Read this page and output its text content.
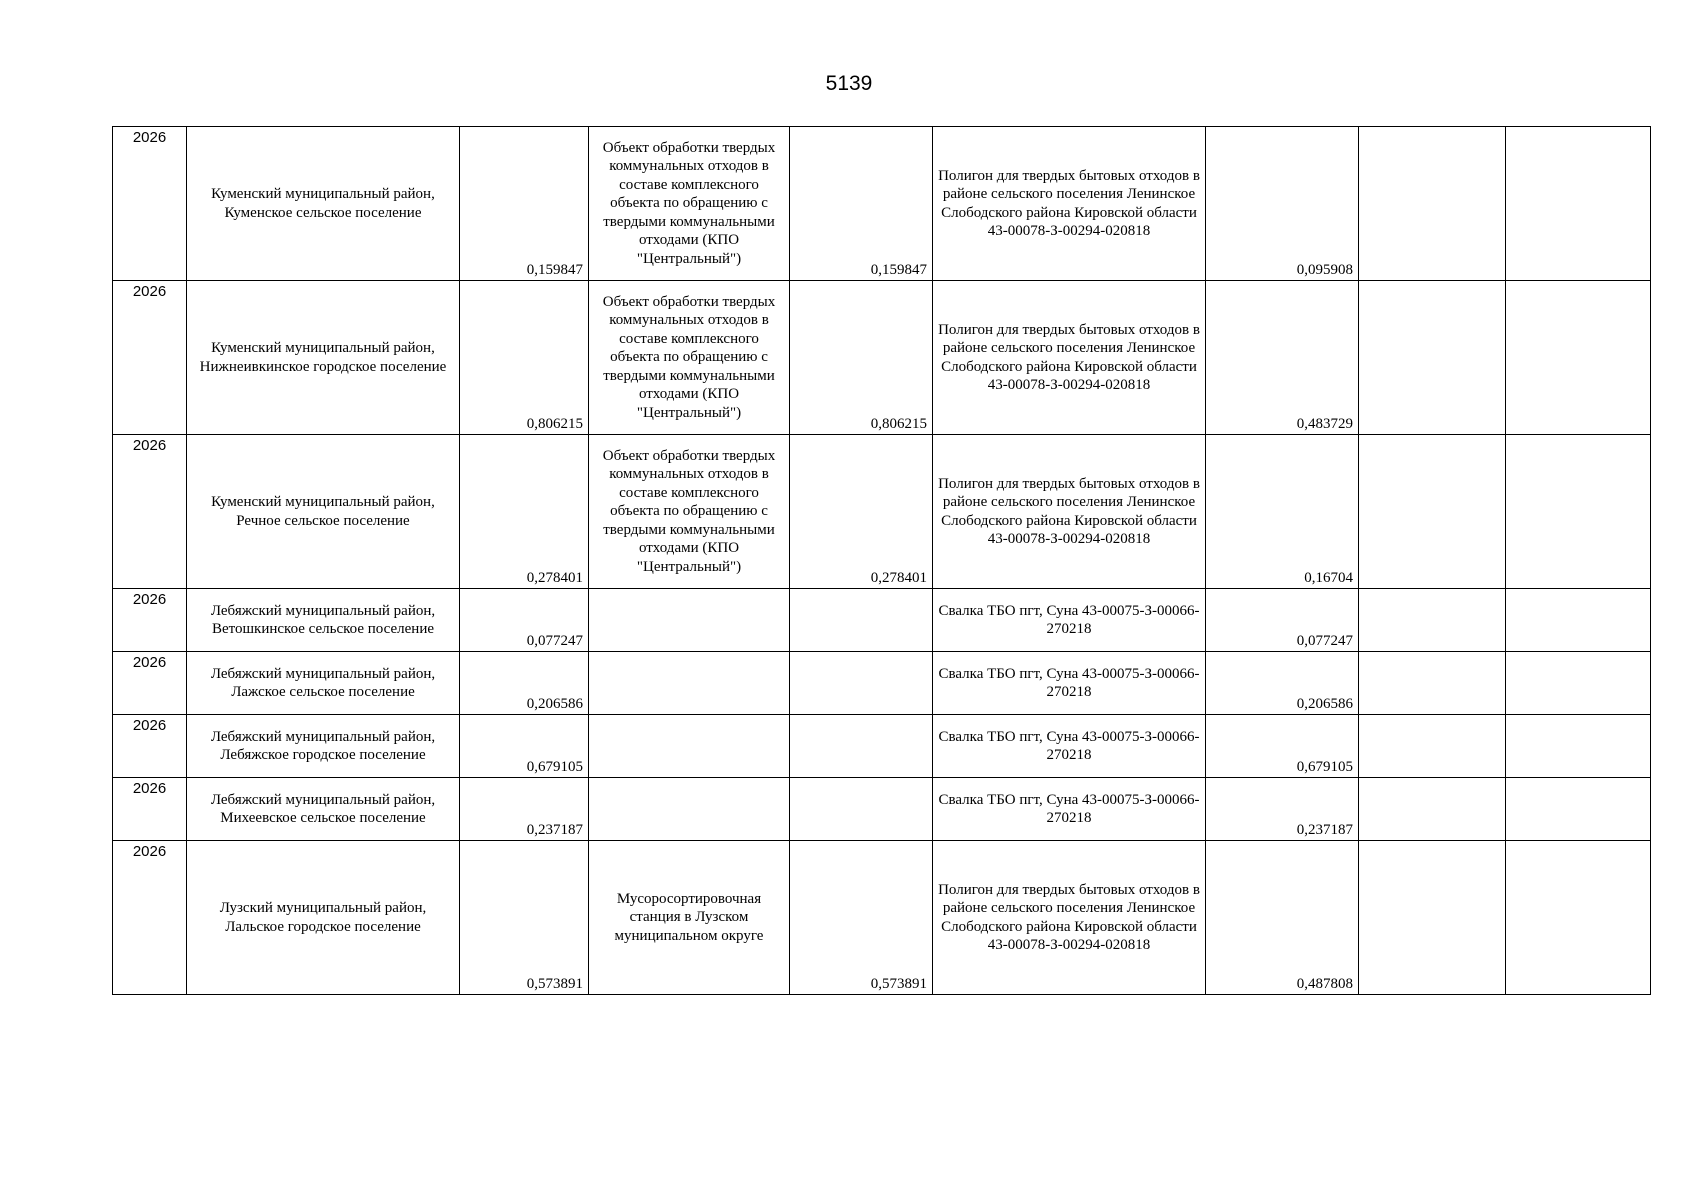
5139
2026	Куменский муниципальный район, Куменское сельское поселение	0,159847	Объект обработки твердых коммунальных отходов в составе комплексного объекта по обращению с твердыми коммунальными отходами (КПО "Центральный")	0,159847	Полигон для твердых бытовых отходов в районе сельского поселения Ленинское Слободского района Кировской области 43-00078-З-00294-020818	0,095908		
2026	Куменский муниципальный район, Нижнеивкинское городское поселение	0,806215	Объект обработки твердых коммунальных отходов в составе комплексного объекта по обращению с твердыми коммунальными отходами (КПО "Центральный")	0,806215	Полигон для твердых бытовых отходов в районе сельского поселения Ленинское Слободского района Кировской области 43-00078-З-00294-020818	0,483729		
2026	Куменский муниципальный район, Речное сельское поселение	0,278401	Объект обработки твердых коммунальных отходов в составе комплексного объекта по обращению с твердыми коммунальными отходами (КПО "Центральный")	0,278401	Полигон для твердых бытовых отходов в районе сельского поселения Ленинское Слободского района Кировской области 43-00078-З-00294-020818	0,16704		
2026	Лебяжский муниципальный район, Ветошкинское сельское поселение	0,077247			Свалка ТБО пгт, Суна 43-00075-З-00066-270218	0,077247		
2026	Лебяжский муниципальный район, Лажское сельское поселение	0,206586			Свалка ТБО пгт, Суна 43-00075-З-00066-270218	0,206586		
2026	Лебяжский муниципальный район, Лебяжское городское поселение	0,679105			Свалка ТБО пгт, Суна 43-00075-З-00066-270218	0,679105		
2026	Лебяжский муниципальный район, Михеевское сельское поселение	0,237187			Свалка ТБО пгт, Суна 43-00075-З-00066-270218	0,237187		
2026	Лузский муниципальный район, Лальское городское поселение	0,573891	Мусоросортировочная станция в Лузском муниципальном округе	0,573891	Полигон для твердых бытовых отходов в районе сельского поселения Ленинское Слободского района Кировской области 43-00078-З-00294-020818	0,487808		
